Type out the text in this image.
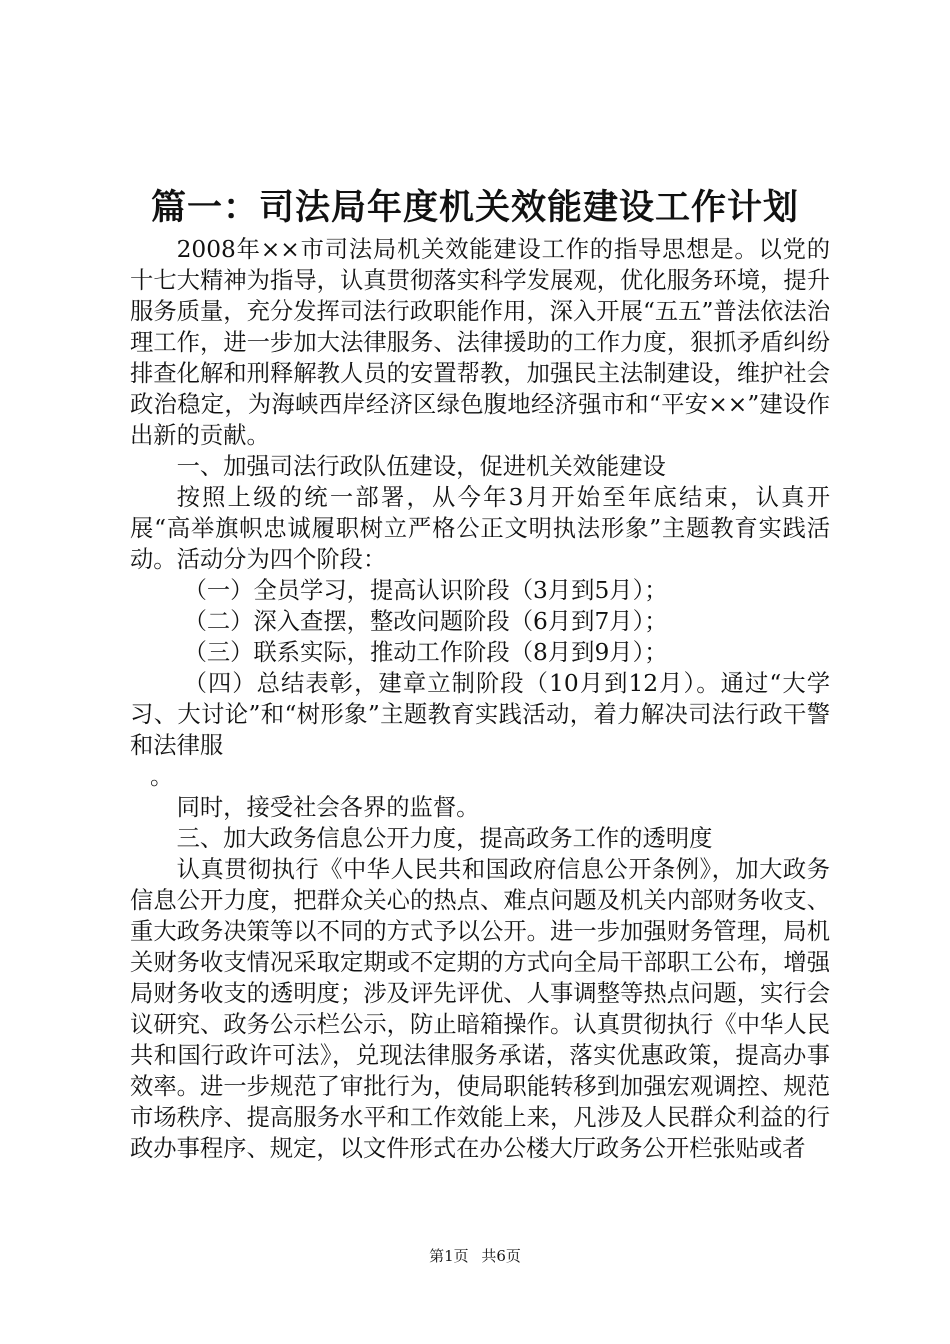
篇一：司法局年度机关效能建设工作计划

2008年××市司法局机关效能建设工作的指导思想是。以党的十七大精神为指导，认真贯彻落实科学发展观，优化服务环境，提升服务质量，充分发挥司法行政职能作用，深入开展“五五”普法依法治理工作，进一步加大法律服务、法律援助的工作力度，狠抓矛盾纠纷排查化解和刑释解教人员的安置帮教，加强民主法制建设，维护社会政治稳定，为海峡西岸经济区绿色腹地经济强市和“平安××”建设作出新的贡献。

一、加强司法行政队伍建设，促进机关效能建设

按照上级的统一部署，从今年3月开始至年底结束，认真开展“高举旗帜忠诚履职树立严格公正文明执法形象”主题教育实践活动。活动分为四个阶段：

（一）全员学习，提高认识阶段（3月到5月）；

（二）深入查摆，整改问题阶段（6月到7月）；

（三）联系实际，推动工作阶段（8月到9月）；

（四）总结表彰，建章立制阶段（10月到12月）。通过“大学习、大讨论”和“树形象”主题教育实践活动，着力解决司法行政干警和法律服

。

同时，接受社会各界的监督。

三、加大政务信息公开力度，提高政务工作的透明度

认真贯彻执行《中华人民共和国政府信息公开条例》，加大政务信息公开力度，把群众关心的热点、难点问题及机关内部财务收支、重大政务决策等以不同的方式予以公开。进一步加强财务管理，局机关财务收支情况采取定期或不定期的方式向全局干部职工公布，增强局财务收支的透明度；涉及评先评优、人事调整等热点问题，实行会议研究、政务公示栏公示，防止暗箱操作。认真贯彻执行《中华人民共和国行政许可法》，兑现法律服务承诺，落实优惠政策，提高办事效率。进一步规范了审批行为，使局职能转移到加强宏观调控、规范市场秩序、提高服务水平和工作效能上来，凡涉及人民群众利益的行政办事程序、规定，以文件形式在办公楼大厅政务公开栏张贴或者

第1页 共6页
